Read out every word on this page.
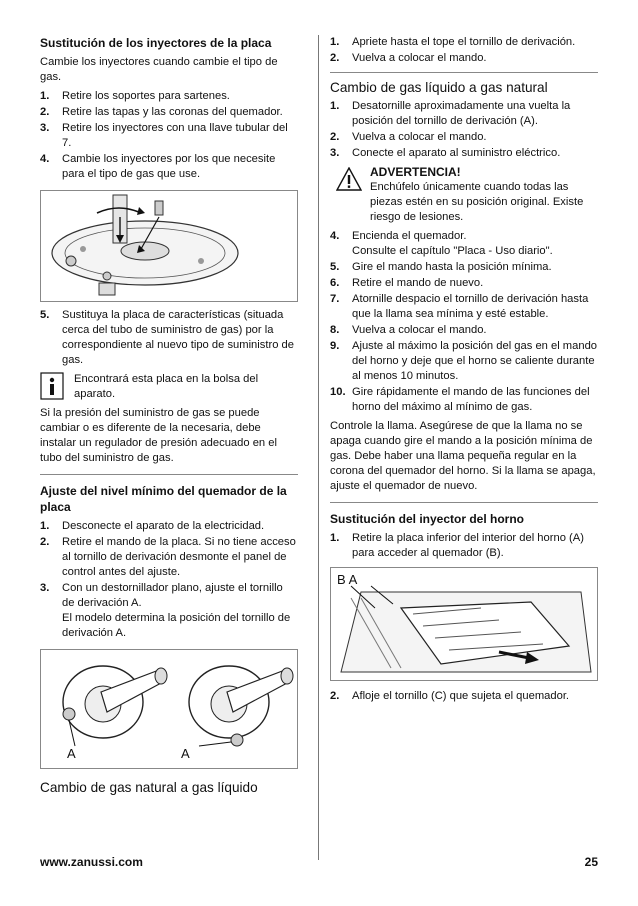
Sustitución de los inyectores de la placa

Cambie los inyectores cuando cambie el tipo de gas.

1. Retire los soportes para sartenes.
2. Retire las tapas y las coronas del quemador.
3. Retire los inyectores con una llave tubular del 7.
4. Cambie los inyectores por los que necesite para el tipo de gas que use.
5. Sustituya la placa de características (situada cerca del tubo de suministro de gas) por la correspondiente al nuevo tipo de suministro de gas.
Encontrará esta placa en la bolsa del aparato.

Si la presión del suministro de gas se puede cambiar o es diferente de la necesaria, debe instalar un regulador de presión adecuado en el tubo del suministro de gas.

Ajuste del nivel mínimo del quemador de la placa
1. Desconecte el aparato de la electricidad.
2. Retire el mando de la placa. Si no tiene acceso al tornillo de derivación desmonte el panel de control antes del ajuste.
3. Con un destornillador plano, ajuste el tornillo de derivación A.
El modelo determina la posición del tornillo de derivación A.
A	A
Cambio de gas natural a gas líquido
1. Apriete hasta el tope el tornillo de derivación.
2. Vuelva a colocar el mando.
Cambio de gas líquido a gas natural
1. Desatornille aproximadamente una vuelta la posición del tornillo de derivación (A).
2. Vuelva a colocar el mando.
3. Conecte el aparato al suministro eléctrico.
ADVERTENCIA!
Enchúfelo únicamente cuando todas las piezas estén en su posición original. Existe riesgo de lesiones.
4. Encienda el quemador.
Consulte el capítulo "Placa - Uso diario".
5. Gire el mando hasta la posición mínima.
6. Retire el mando de nuevo.
7. Atornille despacio el tornillo de derivación hasta que la llama sea mínima y esté estable.
8. Vuelva a colocar el mando.
9. Ajuste al máximo la posición del gas en el mando del horno y deje que el horno se caliente durante al menos 10 minutos.
10. Gire rápidamente el mando de las funciones del horno del máximo al mínimo de gas.

Controle la llama. Asegúrese de que la llama no se apaga cuando gire el mando a la posición mínima de gas. Debe haber una llama pequeña regular en la corona del quemador del horno. Si la llama se apaga, ajuste el quemador de nuevo.

Sustitución del inyector del horno
1. Retire la placa inferior del interior del horno (A) para acceder al quemador (B).
B A
2. Afloje el tornillo (C) que sujeta el quemador.
www.zanussi.com	25
